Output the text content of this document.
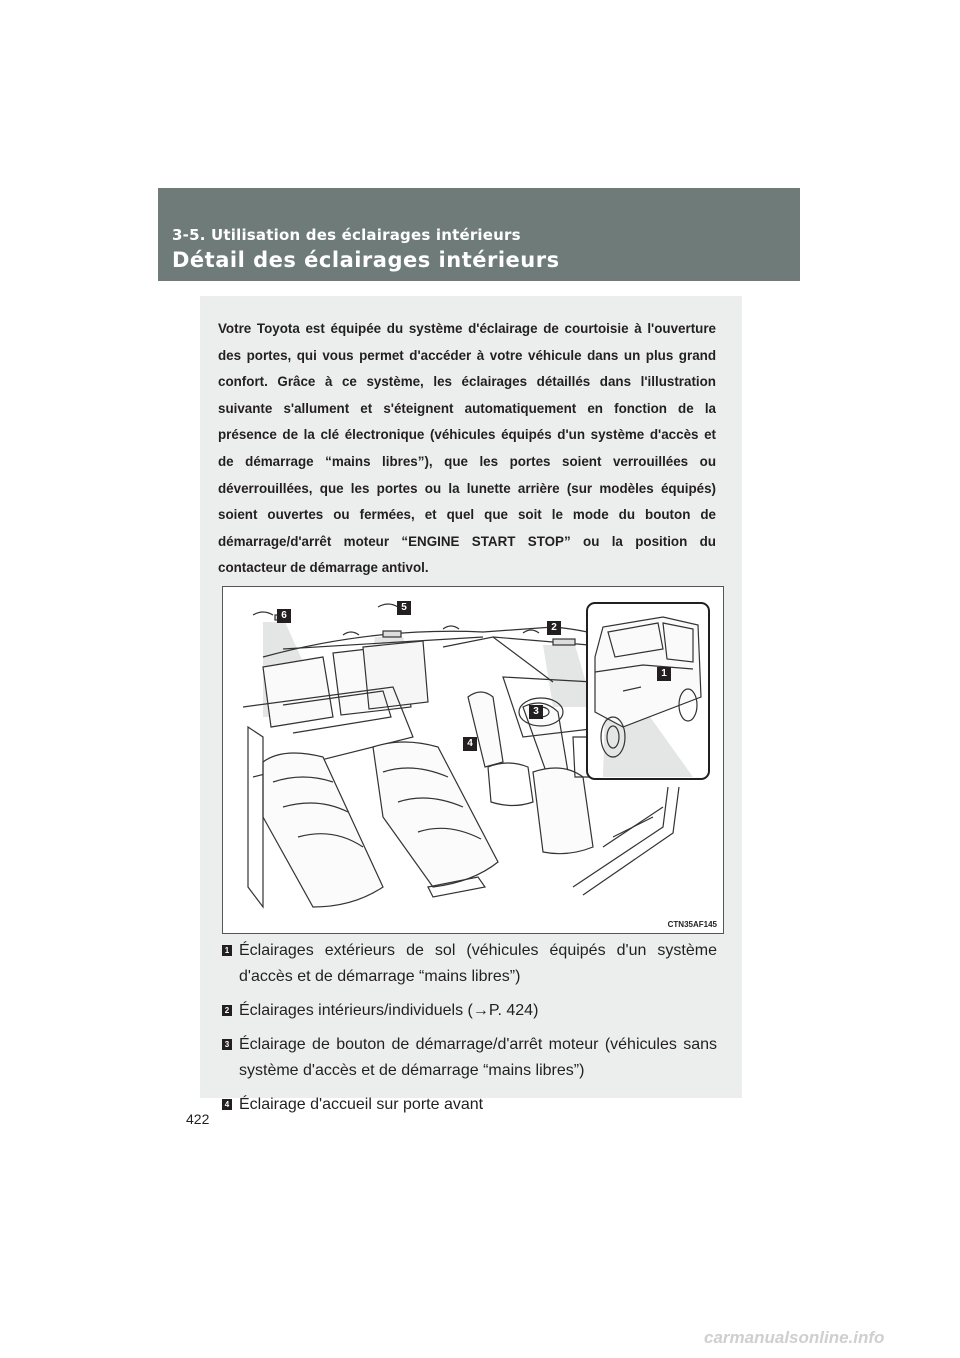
3-5. Utilisation des éclairages intérieurs
Détail des éclairages intérieurs

Votre Toyota est équipée du système d'éclairage de courtoisie à l'ouverture des portes, qui vous permet d'accéder à votre véhicule dans un plus grand confort. Grâce à ce système, les éclairages détaillés dans l'illustration suivante s'allument et s'éteignent automatiquement en fonction de la présence de la clé électronique (véhicules équipés d'un système d'accès et de démarrage “mains libres”), que les portes soient verrouillées ou déverrouillées, que les portes ou la lunette arrière (sur modèles équipés) soient ouvertes ou fermées, et quel que soit le mode du bouton de démarrage/d'arrêt moteur “ENGINE START STOP” ou la position du contacteur de démarrage antivol.

6
5
2
1
3
4
CTN35AF145
1 Éclairages extérieurs de sol (véhicules équipés d'un système d'accès et de démarrage “mains libres”)
2 Éclairages intérieurs/individuels (→P. 424)
3 Éclairage de bouton de démarrage/d'arrêt moteur (véhicules sans système d'accès et de démarrage “mains libres”)
4 Éclairage d'accueil sur porte avant
422
carmanualsonline.info
